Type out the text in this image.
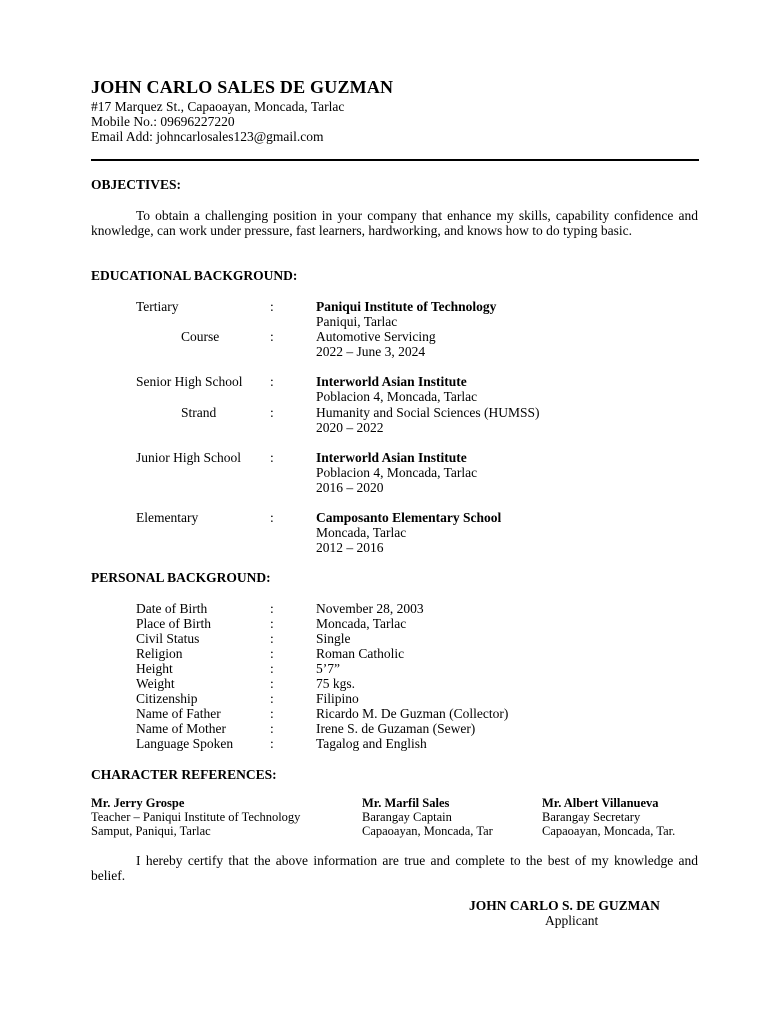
JOHN CARLO SALES DE GUZMAN
#17 Marquez St., Capaoayan, Moncada, Tarlac
Mobile No.: 09696227220
Email Add: johncarlosales123@gmail.com
OBJECTIVES:
To obtain a challenging position in your company that enhance my skills, capability confidence and knowledge, can work under pressure, fast learners, hardworking, and knows how to do typing basic.
EDUCATIONAL BACKGROUND:
Tertiary	:	Paniqui Institute of Technology
Paniqui, Tarlac
Course	:	Automotive Servicing
2022 – June 3, 2024
Senior High School :	Interworld Asian Institute
Poblacion 4, Moncada, Tarlac
Strand	:	Humanity and Social Sciences (HUMSS)
2020 – 2022
Junior High School :	Interworld Asian Institute
Poblacion 4, Moncada, Tarlac
2016 – 2020
Elementary	:	Camposanto Elementary School
Moncada, Tarlac
2012 – 2016
PERSONAL BACKGROUND:
Date of Birth	:	November 28, 2003
Place of Birth	:	Moncada, Tarlac
Civil Status	:	Single
Religion	:	Roman Catholic
Height	:	5’7”
Weight	:	75 kgs.
Citizenship	:	Filipino
Name of Father	:	Ricardo M. De Guzman (Collector)
Name of Mother	:	Irene S. de Guzaman (Sewer)
Language Spoken	:	Tagalog and English
CHARACTER REFERENCES:
Mr. Jerry Grospe
Teacher – Paniqui Institute of Technology
Samput, Paniqui, Tarlac
Mr. Marfil Sales
Barangay Captain
Capaoayan, Moncada, Tar
Mr. Albert Villanueva
Barangay Secretary
Capaoayan, Moncada, Tar.
I hereby certify that the above information are true and complete to the best of my knowledge and belief.
JOHN CARLO S. DE GUZMAN
Applicant
